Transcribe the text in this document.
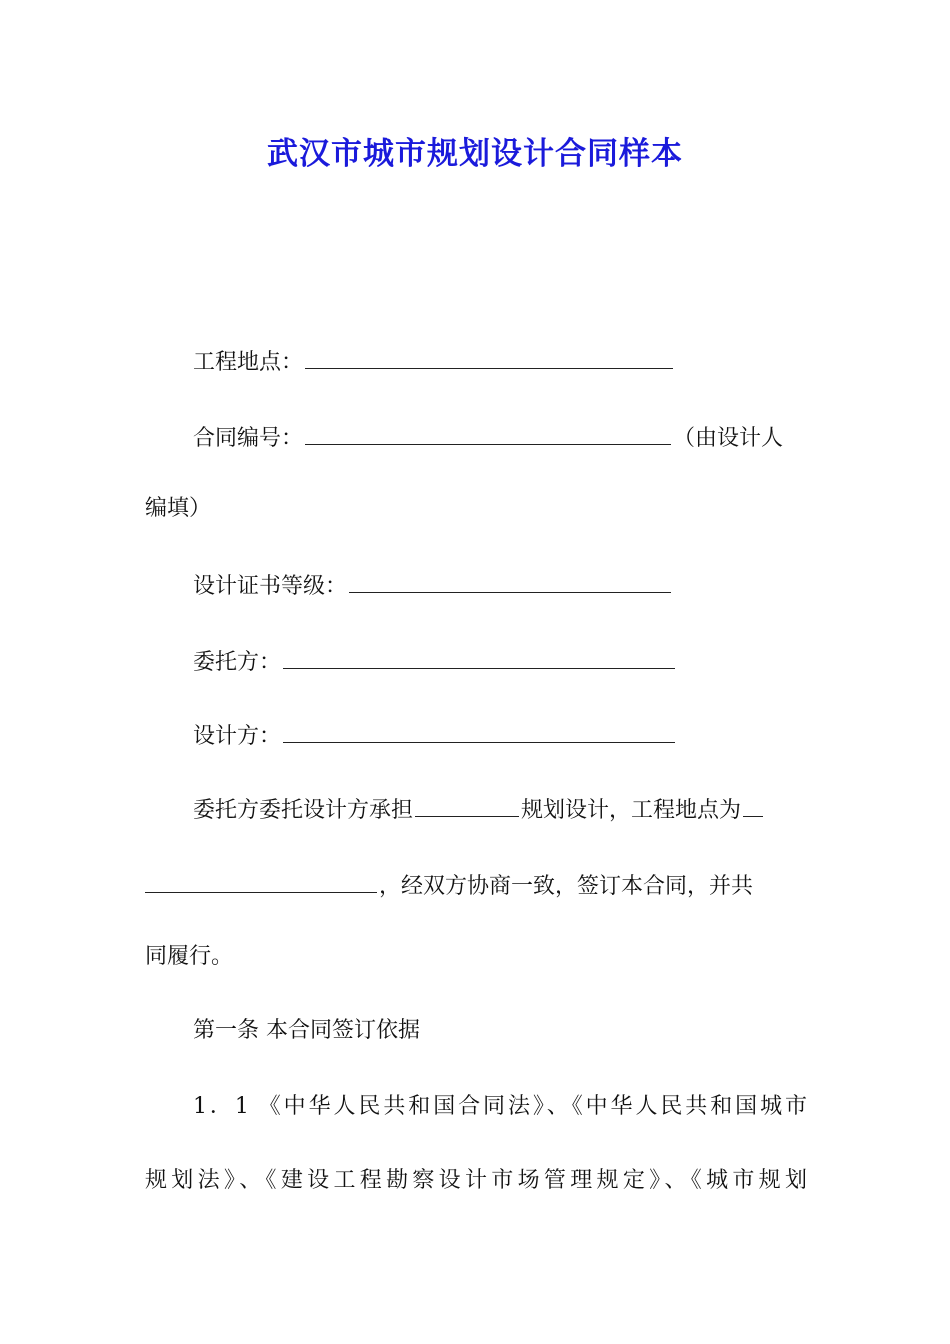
武汉市城市规划设计合同样本

工程地点：

合同编号：	（由设计人

编填）

设计证书等级：

委托方：

设计方：

委托方委托设计方承担	规划设计，工程地点为

，经双方协商一致，签订本合同，并共

同履行。

第一条 本合同签订依据

1．1 《中华人民共和国合同法》、《中华人民共和国城市

规划法》、《建设工程勘察设计市场管理规定》、《城市规划
